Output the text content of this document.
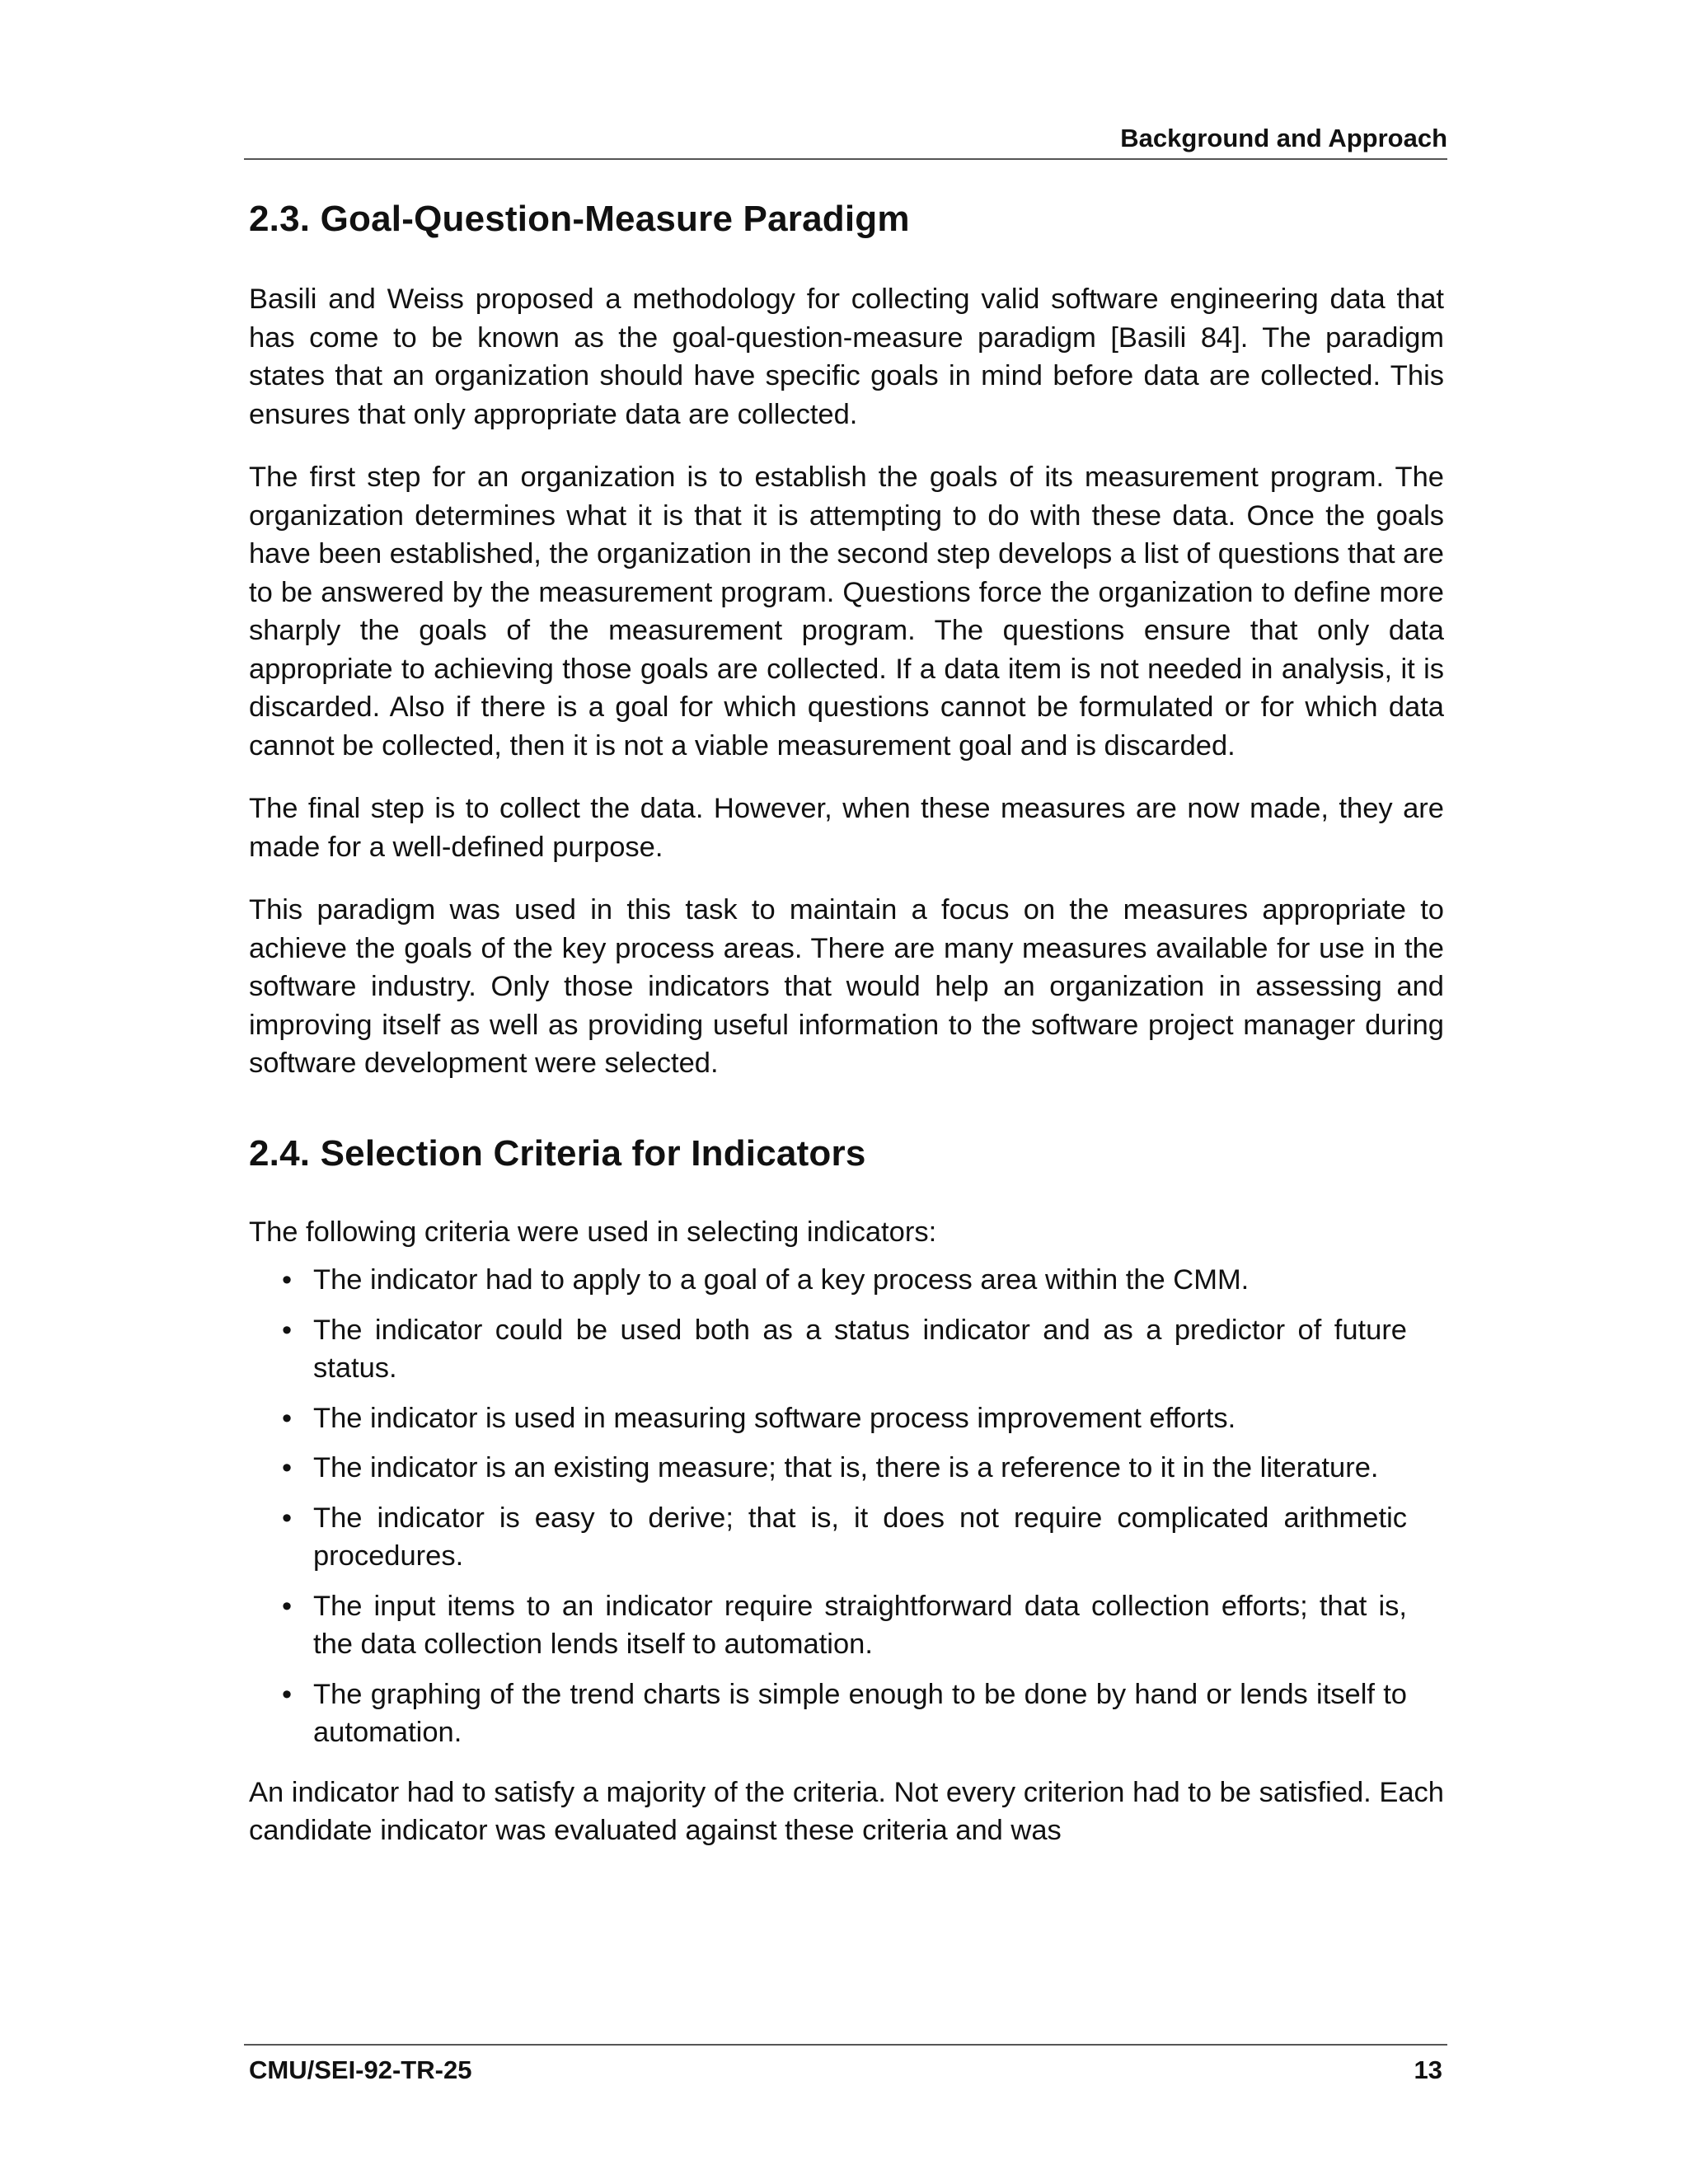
Background and Approach
2.3. Goal-Question-Measure Paradigm

Basili and Weiss proposed a methodology for collecting valid software engineering data that has come to be known as the goal-question-measure paradigm [Basili 84]. The paradigm states that an organization should have specific goals in mind before data are collected. This ensures that only appropriate data are collected.

The first step for an organization is to establish the goals of its measurement program. The organization determines what it is that it is attempting to do with these data. Once the goals have been established, the organization in the second step develops a list of questions that are to be answered by the measurement program. Questions force the organization to define more sharply the goals of the measurement program. The questions ensure that only data appropriate to achieving those goals are collected. If a data item is not needed in analysis, it is discarded. Also if there is a goal for which questions cannot be formulated or for which data cannot be collected, then it is not a viable measurement goal and is discarded.

The final step is to collect the data. However, when these measures are now made, they are made for a well-defined purpose.

This paradigm was used in this task to maintain a focus on the measures appropriate to achieve the goals of the key process areas. There are many measures available for use in the software industry. Only those indicators that would help an organization in assessing and improving itself as well as providing useful information to the software project manager during software development were selected.

2.4. Selection Criteria for Indicators

The following criteria were used in selecting indicators:

• The indicator had to apply to a goal of a key process area within the CMM.
• The indicator could be used both as a status indicator and as a predictor of future status.
• The indicator is used in measuring software process improvement efforts.
• The indicator is an existing measure; that is, there is a reference to it in the literature.
• The indicator is easy to derive; that is, it does not require complicated arithmetic procedures.
• The input items to an indicator require straightforward data collection efforts; that is, the data collection lends itself to automation.
• The graphing of the trend charts is simple enough to be done by hand or lends itself to automation.

An indicator had to satisfy a majority of the criteria. Not every criterion had to be satisfied. Each candidate indicator was evaluated against these criteria and was

CMU/SEI-92-TR-25	13
